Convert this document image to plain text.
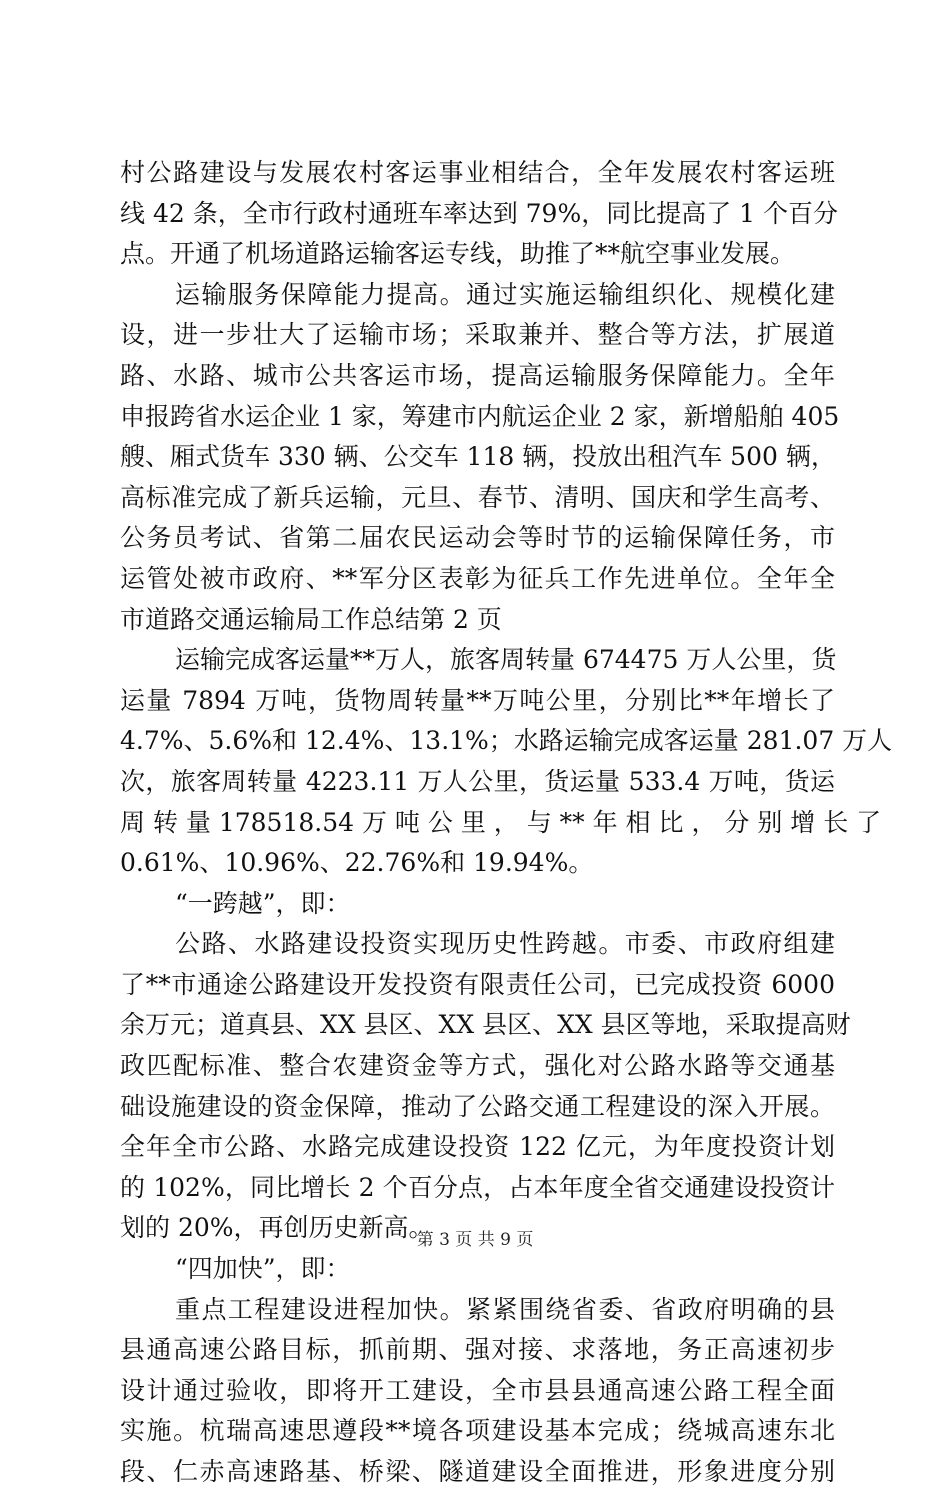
村公路建设与发展农村客运事业相结合，全年发展农村客运班
线 42 条，全市行政村通班车率达到 79%，同比提高了 1 个百分
点。开通了机场道路运输客运专线，助推了**航空事业发展。
运输服务保障能力提高。通过实施运输组织化、规模化建
设，进一步壮大了运输市场；采取兼并、整合等方法，扩展道
路、水路、城市公共客运市场，提高运输服务保障能力。全年
申报跨省水运企业 1 家，筹建市内航运企业 2 家，新增船舶 405
艘、厢式货车 330 辆、公交车 118 辆，投放出租汽车 500 辆，
高标准完成了新兵运输，元旦、春节、清明、国庆和学生高考、
公务员考试、省第二届农民运动会等时节的运输保障任务，市
运管处被市政府、**军分区表彰为征兵工作先进单位。全年全
市道路交通运输局工作总结第 2 页
运输完成客运量**万人，旅客周转量 674475 万人公里，货
运量 7894 万吨，货物周转量**万吨公里，分别比**年增长了
4.7%、5.6%和 12.4%、13.1%；水路运输完成客运量 281.07 万人
次，旅客周转量 4223.11 万人公里，货运量 533.4 万吨，货运
周 转 量 178518.54 万 吨 公 里 ， 与 ** 年 相 比 ， 分 别 增 长 了
0.61%、10.96%、22.76%和 19.94%。
“一跨越”，即：
公路、水路建设投资实现历史性跨越。市委、市政府组建
了**市通途公路建设开发投资有限责任公司，已完成投资 6000
余万元；道真县、XX 县区、XX 县区、XX 县区等地，采取提高财
政匹配标准、整合农建资金等方式，强化对公路水路等交通基
础设施建设的资金保障，推动了公路交通工程建设的深入开展。
全年全市公路、水路完成建设投资 122 亿元，为年度投资计划
的 102%，同比增长 2 个百分点，占本年度全省交通建设投资计
划的 20%，再创历史新高。
“四加快”，即：
重点工程建设进程加快。紧紧围绕省委、省政府明确的县
县通高速公路目标，抓前期、强对接、求落地，务正高速初步
设计通过验收，即将开工建设，全市县县通高速公路工程全面
实施。杭瑞高速思遵段**境各项建设基本完成；绕城高速东北
段、仁赤高速路基、桥梁、隧道建设全面推进，形象进度分别
第 3 页 共 9 页
